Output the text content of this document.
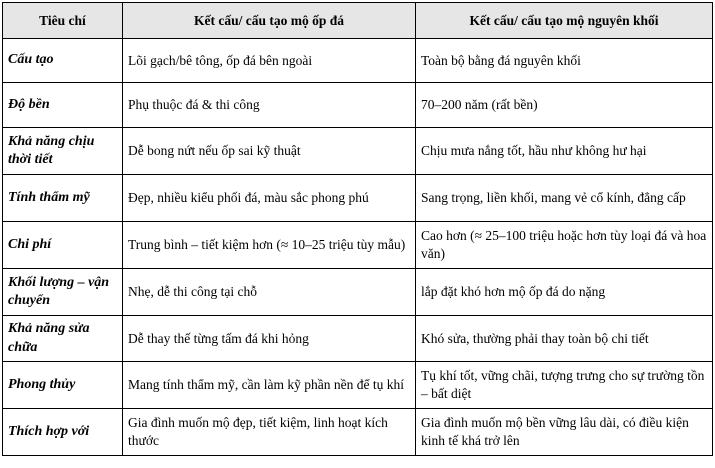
Tiêu chí	Kết cấu/ cấu tạo mộ ốp đá	Kết cấu/ cấu tạo mộ nguyên khối
Cấu tạo	Lõi gạch/bê tông, ốp đá bên ngoài	Toàn bộ bằng đá nguyên khối
Độ bền	Phụ thuộc đá & thi công	70–200 năm (rất bền)
Khả năng chịu thời tiết	Dễ bong nứt nếu ốp sai kỹ thuật	Chịu mưa nắng tốt, hầu như không hư hại
Tính thẩm mỹ	Đẹp, nhiều kiểu phối đá, màu sắc phong phú	Sang trọng, liền khối, mang vẻ cổ kính, đẳng cấp
Chi phí	Trung bình – tiết kiệm hơn (≈ 10–25 triệu tùy mẫu)	Cao hơn (≈ 25–100 triệu hoặc hơn tùy loại đá và hoa văn)
Khối lượng – vận chuyển	Nhẹ, dễ thi công tại chỗ	lắp đặt khó hơn mộ ốp đá do nặng
Khả năng sửa chữa	Dễ thay thế từng tấm đá khi hỏng	Khó sửa, thường phải thay toàn bộ chi tiết
Phong thủy	Mang tính thẩm mỹ, cần làm kỹ phần nền để tụ khí	Tụ khí tốt, vững chãi, tượng trưng cho sự trường tồn – bất diệt
Thích hợp với	Gia đình muốn mộ đẹp, tiết kiệm, linh hoạt kích thước	Gia đình muốn mộ bền vững lâu dài, có điều kiện kinh tế khá trở lên
